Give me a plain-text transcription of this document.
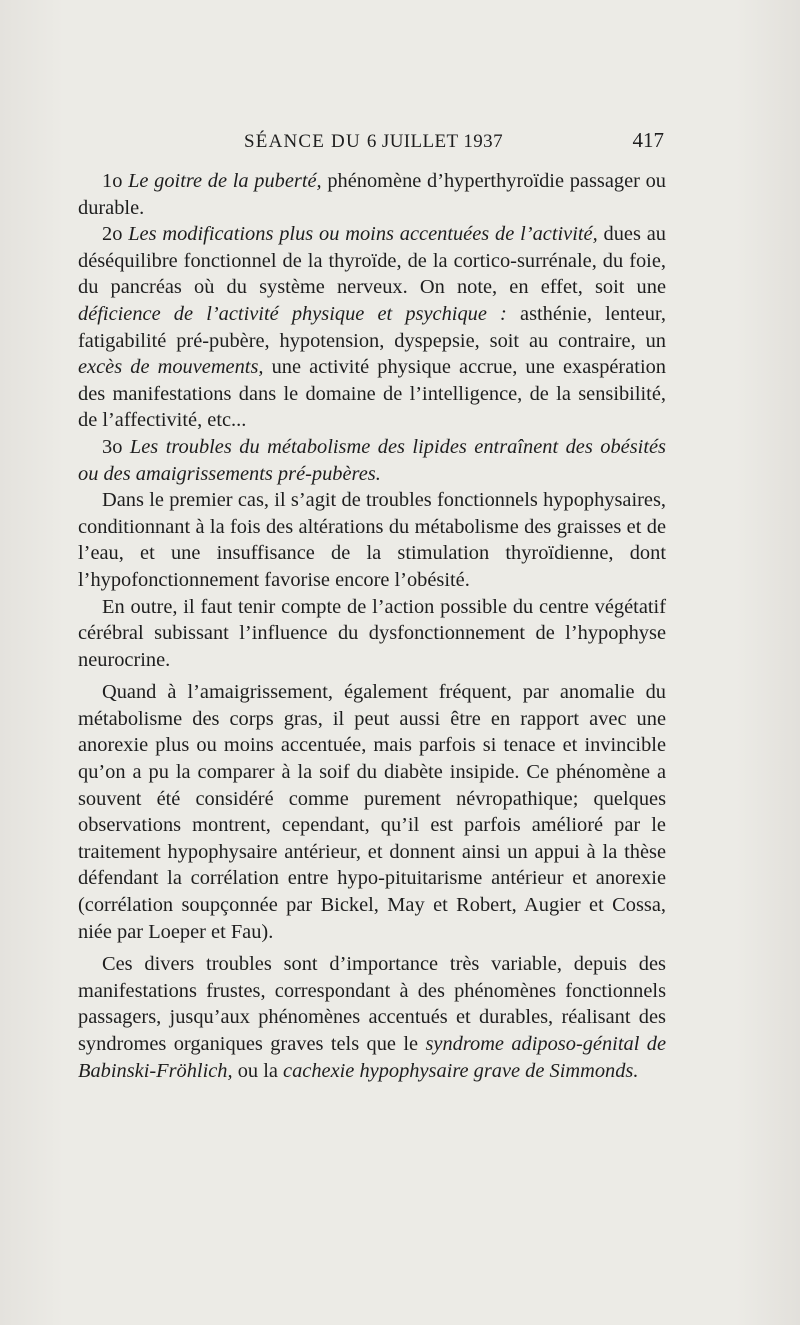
SÉANCE DU 6 JUILLET 1937	417

1o Le goitre de la puberté, phénomène d’hyperthyroïdie passager ou durable.

2o Les modifications plus ou moins accentuées de l’activité, dues au déséquilibre fonctionnel de la thyroïde, de la cortico-surrénale, du foie, du pancréas où du système nerveux. On note, en effet, soit une déficience de l’activité physique et psychique : asthénie, lenteur, fatigabilité pré-pubère, hypotension, dyspepsie, soit au contraire, un excès de mouvements, une activité physique accrue, une exaspération des manifestations dans le domaine de l’intelligence, de la sensibilité, de l’affectivité, etc...

3o Les troubles du métabolisme des lipides entraînent des obésités ou des amaigrissements pré-pubères.

Dans le premier cas, il s’agit de troubles fonctionnels hypophysaires, conditionnant à la fois des altérations du métabolisme des graisses et de l’eau, et une insuffisance de la stimulation thyroïdienne, dont l’hypofonctionnement favorise encore l’obésité.

En outre, il faut tenir compte de l’action possible du centre végétatif cérébral subissant l’influence du dysfonctionnement de l’hypophyse neurocrine.

Quand à l’amaigrissement, également fréquent, par anomalie du métabolisme des corps gras, il peut aussi être en rapport avec une anorexie plus ou moins accentuée, mais parfois si tenace et invincible qu’on a pu la comparer à la soif du diabète insipide. Ce phénomène a souvent été considéré comme purement névropathique; quelques observations montrent, cependant, qu’il est parfois amélioré par le traitement hypophysaire antérieur, et donnent ainsi un appui à la thèse défendant la corrélation entre hypo-pituitarisme antérieur et anorexie (corrélation soupçonnée par Bickel, May et Robert, Augier et Cossa, niée par Loeper et Fau).

Ces divers troubles sont d’importance très variable, depuis des manifestations frustes, correspondant à des phénomènes fonctionnels passagers, jusqu’aux phénomènes accentués et durables, réalisant des syndromes organiques graves tels que le syndrome adiposo-génital de Babinski-Fröhlich, ou la cachexie hypophysaire grave de Simmonds.
